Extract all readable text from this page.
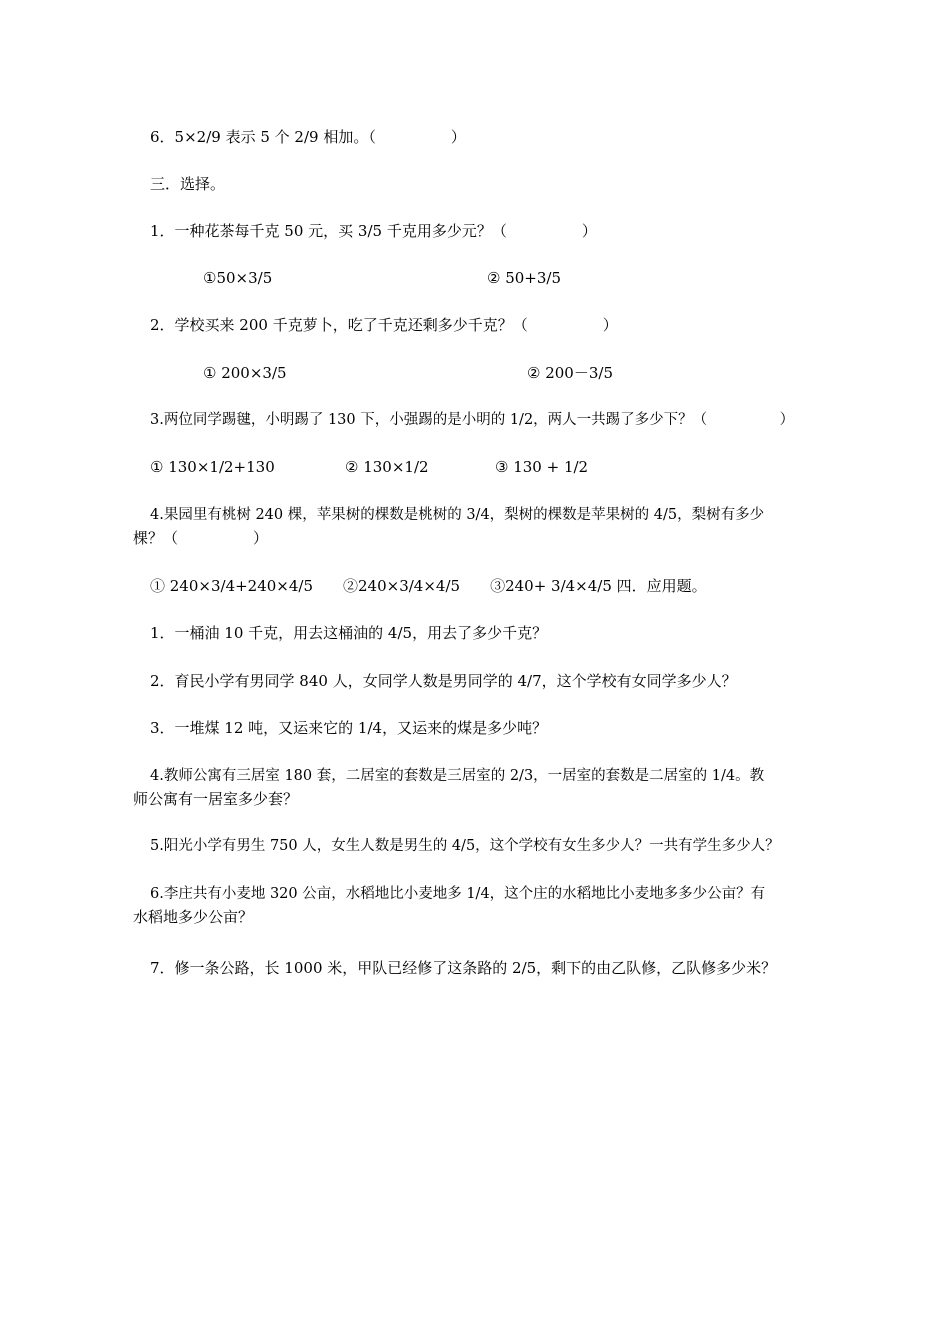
6．5×2/9 表示 5 个 2/9 相加。（　　　　　）
三．选择。
1．一种花茶每千克 50 元，买 3/5 千克用多少元？（　　　　　）
①50×3/5	② 50+3/5
2．学校买来 200 千克萝卜，吃了千克还剩多少千克？（　　　　　）
① 200×3/5	② 200－3/5
3.两位同学踢毽，小明踢了 130 下，小强踢的是小明的 1/2，两人一共踢了多少下？（　　　　　）
① 130×1/2+130	② 130×1/2	③ 130 + 1/2
4.果园里有桃树 240 棵，苹果树的棵数是桃树的 3/4，梨树的棵数是苹果树的 4/5，梨树有多少
棵？（　　　　　）
① 240×3/4+240×4/5　　②240×3/4×4/5　　③240+ 3/4×4/5 四．应用题。
1．一桶油 10 千克，用去这桶油的 4/5，用去了多少千克？
2．育民小学有男同学 840 人，女同学人数是男同学的 4/7，这个学校有女同学多少人？
3．一堆煤 12 吨，又运来它的 1/4，又运来的煤是多少吨？
4.教师公寓有三居室 180 套，二居室的套数是三居室的 2/3，一居室的套数是二居室的 1/4。教
师公寓有一居室多少套？
5.阳光小学有男生 750 人，女生人数是男生的 4/5，这个学校有女生多少人？一共有学生多少人？
6.李庄共有小麦地 320 公亩，水稻地比小麦地多 1/4，这个庄的水稻地比小麦地多多少公亩？有
水稻地多少公亩？
7．修一条公路，长 1000 米，甲队已经修了这条路的 2/5，剩下的由乙队修，乙队修多少米？
